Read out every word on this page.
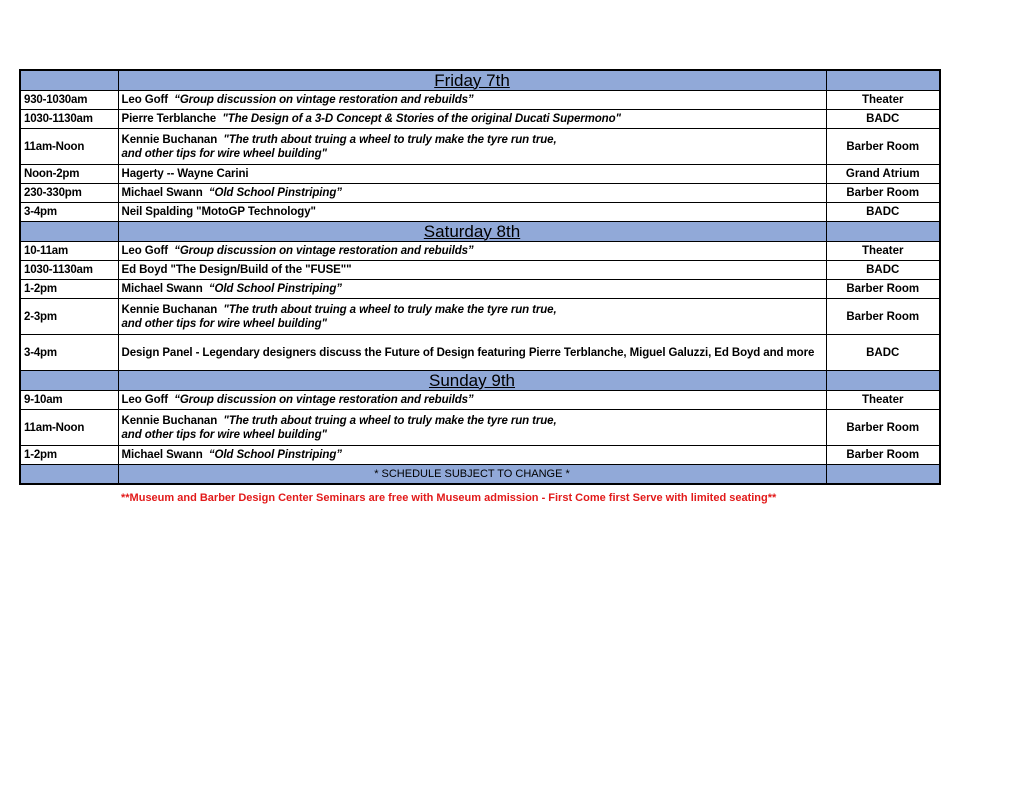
	Friday 7th	
930-1030am	Leo Goff “Group discussion on vintage restoration and rebuilds”	Theater
1030-1130am	Pierre Terblanche "The Design of a 3-D Concept & Stories of the original Ducati Supermono"	BADC
11am-Noon	Kennie Buchanan "The truth about truing a wheel to truly make the tyre run true,
and other tips for wire wheel building"	Barber Room
Noon-2pm	Hagerty -- Wayne Carini	Grand Atrium
230-330pm	Michael Swann “Old School Pinstriping”	Barber Room
3-4pm	Neil Spalding "MotoGP Technology"	BADC
	Saturday 8th	
10-11am	Leo Goff “Group discussion on vintage restoration and rebuilds”	Theater
1030-1130am	Ed Boyd "The Design/Build of the "FUSE""	BADC
1-2pm	Michael Swann “Old School Pinstriping”	Barber Room
2-3pm	Kennie Buchanan "The truth about truing a wheel to truly make the tyre run true,
and other tips for wire wheel building"	Barber Room
3-4pm	Design Panel - Legendary designers discuss the Future of Design featuring Pierre Terblanche, Miguel Galuzzi, Ed Boyd and more	BADC
	Sunday 9th	
9-10am	Leo Goff “Group discussion on vintage restoration and rebuilds”	Theater
11am-Noon	Kennie Buchanan "The truth about truing a wheel to truly make the tyre run true,
and other tips for wire wheel building"	Barber Room
1-2pm	Michael Swann “Old School Pinstriping”	Barber Room
	* SCHEDULE SUBJECT TO CHANGE *	
**Museum and Barber Design Center Seminars are free with Museum admission - First Come first Serve with limited seating**
